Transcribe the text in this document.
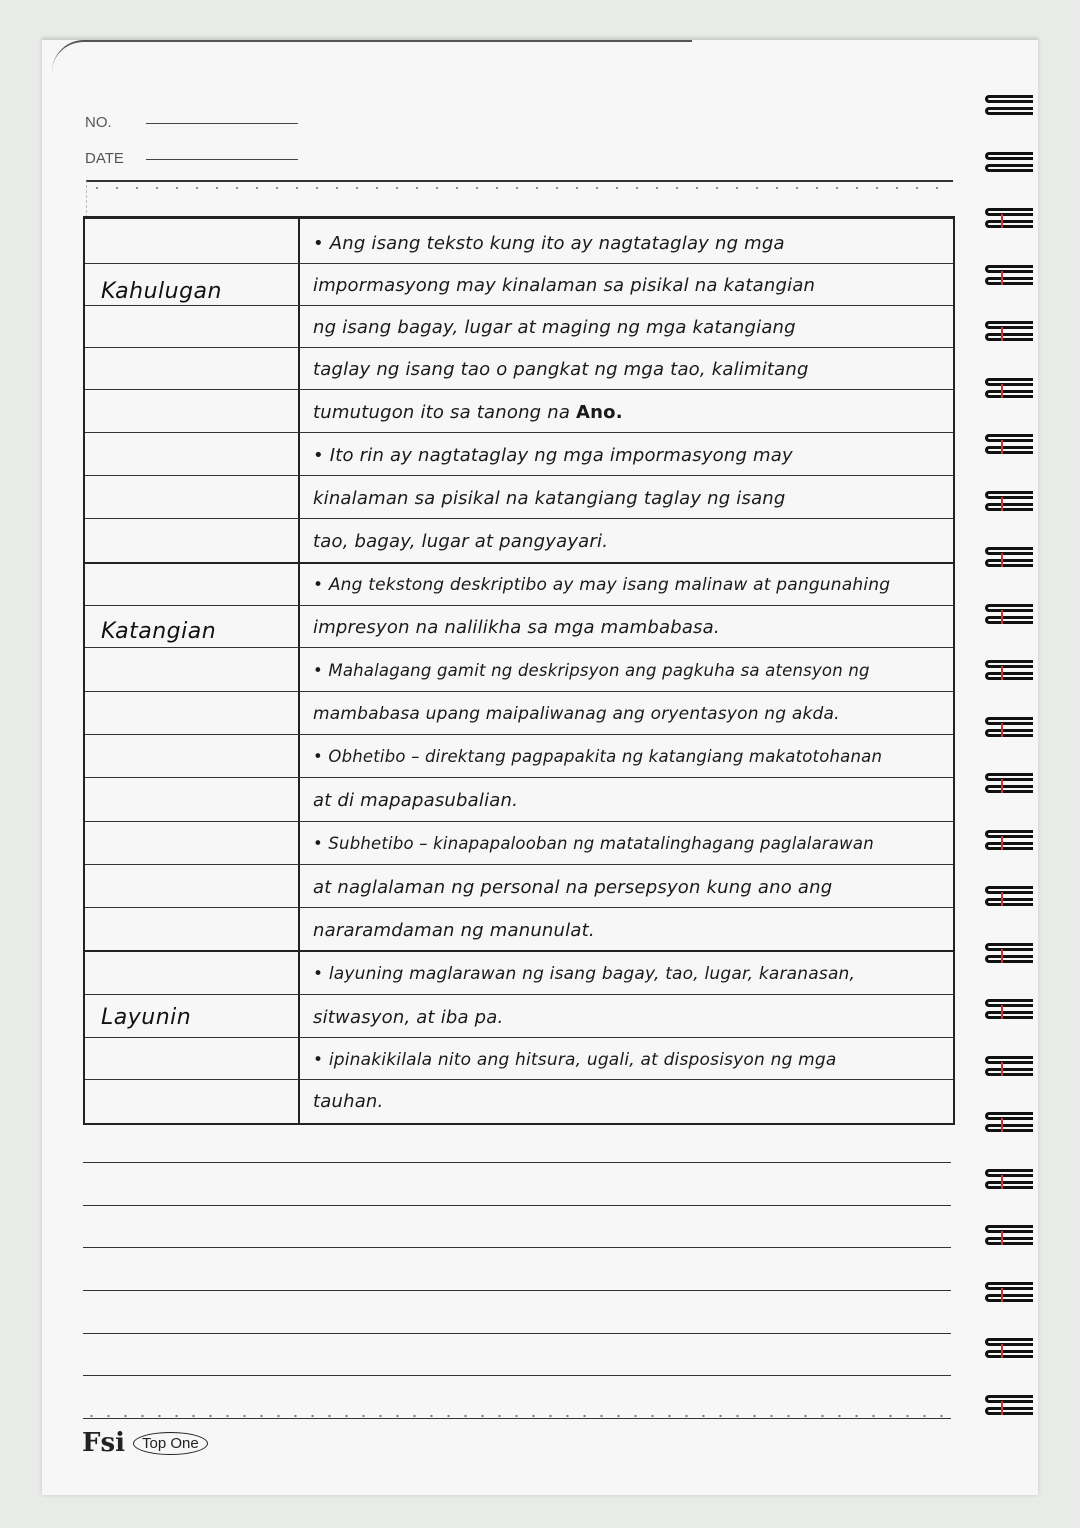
NO.
DATE
Kahulugan
• Ang isang teksto kung ito ay nagtataglay ng mga
impormasyong may kinalaman sa pisikal na katangian
ng isang bagay, lugar at maging ng mga katangiang
taglay ng isang tao o pangkat ng mga tao, kalimitang
tumutugon ito sa tanong na Ano.
• Ito rin ay nagtataglay ng mga impormasyong may
kinalaman sa pisikal na katangiang taglay ng isang
tao, bagay, lugar at pangyayari.
Katangian
• Ang tekstong deskriptibo ay may isang malinaw at pangunahing
impresyon na nalilikha sa mga mambabasa.
• Mahalagang gamit ng deskripsyon ang pagkuha sa atensyon ng
mambabasa upang maipaliwanag ang oryentasyon ng akda.
• Obhetibo – direktang pagpapakita ng katangiang makatotohanan
at di mapapasubalian.
• Subhetibo – kinapapalooban ng matatalinghagang paglalarawan
at naglalaman ng personal na persepsyon kung ano ang
nararamdaman ng manunulat.
Layunin
• layuning maglarawan ng isang bagay, tao, lugar, karanasan,
sitwasyon, at iba pa.
• ipinakikilala nito ang hitsura, ugali, at disposisyon ng mga
tauhan.
Fsi	Top One
